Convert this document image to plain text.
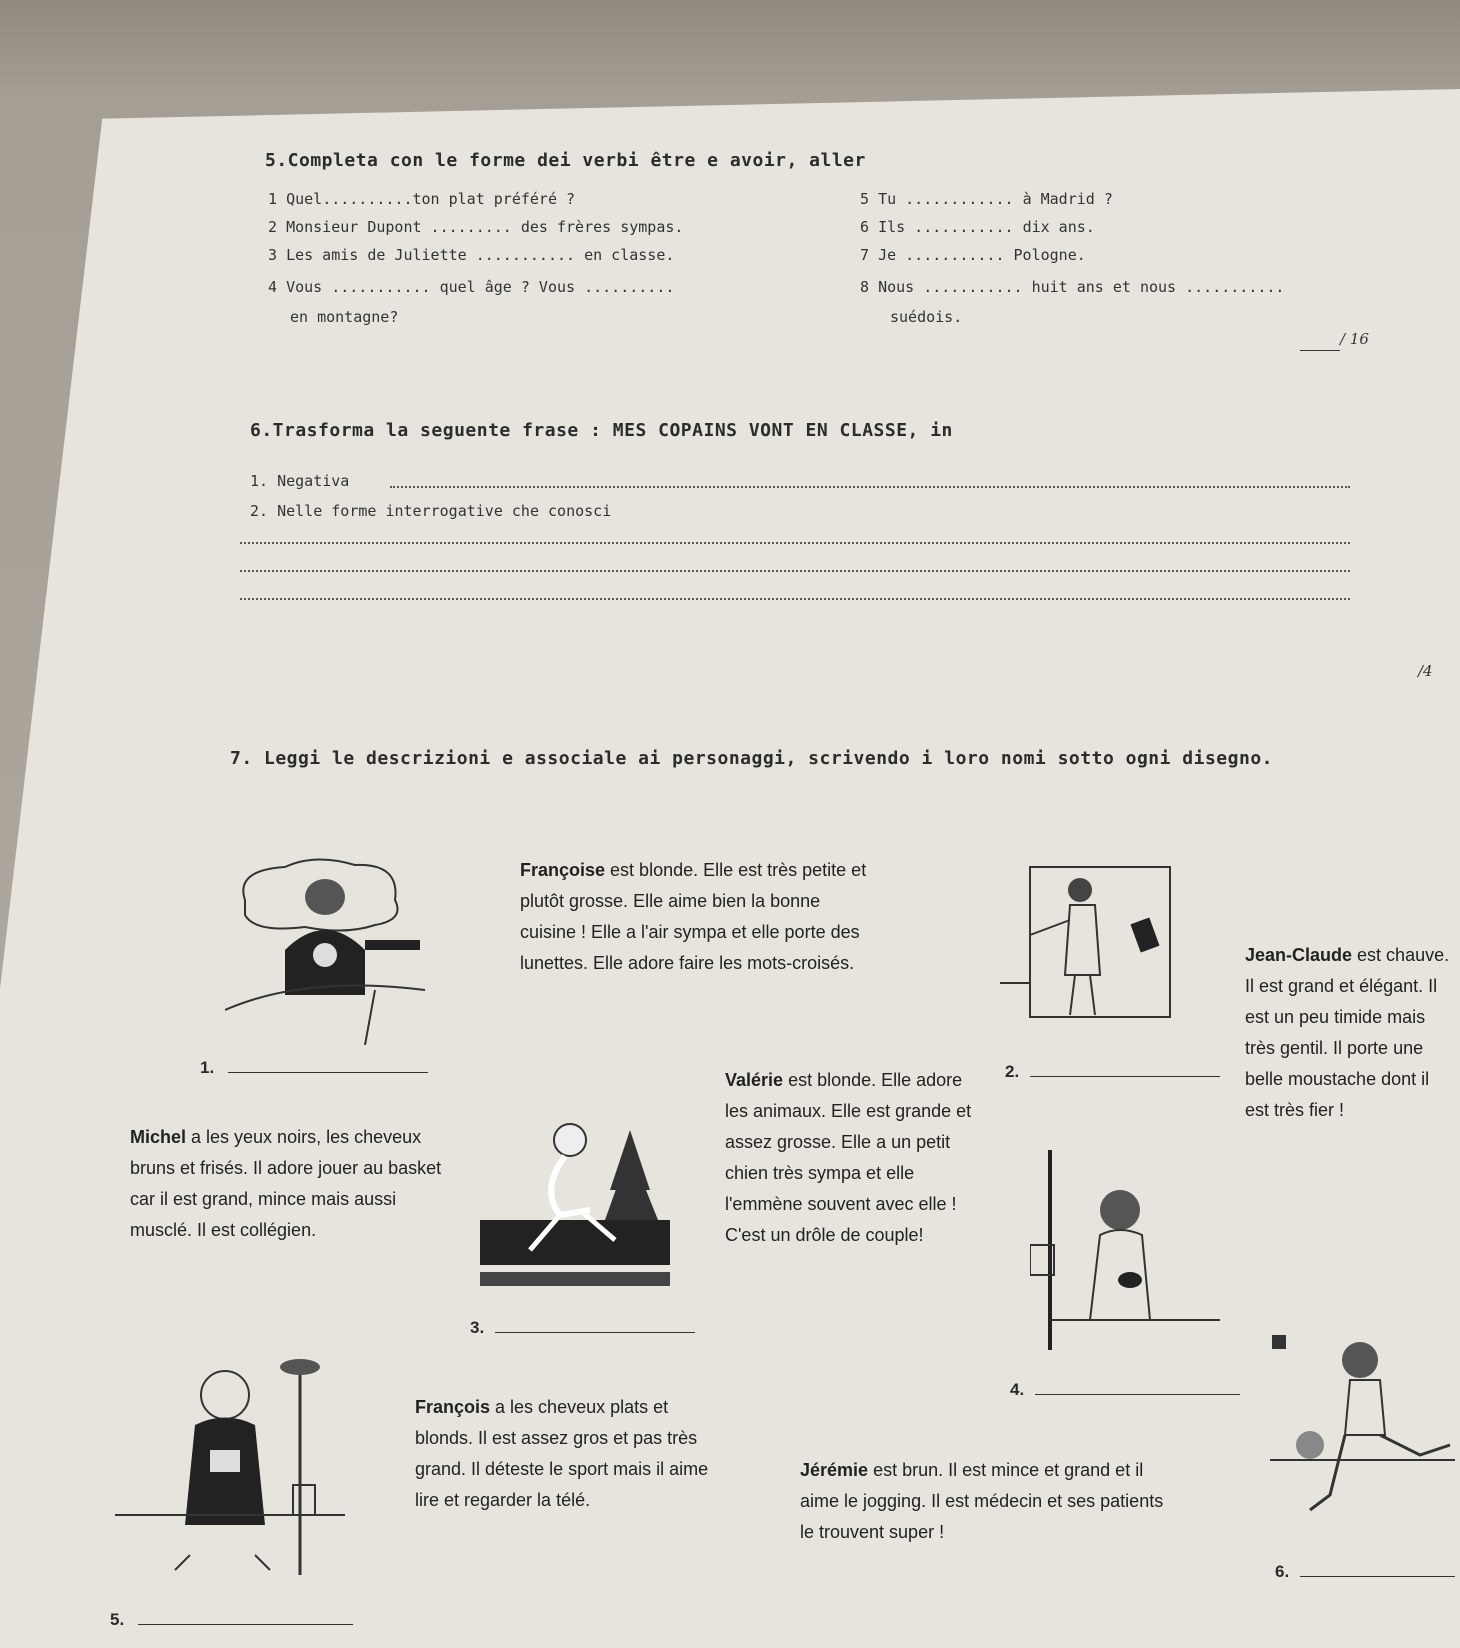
5.Completa con le forme dei verbi être e avoir, aller
1 Quel..........ton plat préféré ?
2 Monsieur Dupont ......... des frères sympas.
3 Les amis de Juliette ........... en classe.
4 Vous ........... quel âge ? Vous ..........
en montagne?
5 Tu ............ à Madrid ?
6 Ils ........... dix ans.
7 Je ........... Pologne.
8 Nous ........... huit ans et nous ...........
suédois.
/ 16
6.Trasforma la seguente frase : MES COPAINS VONT EN CLASSE, in
1. Negativa
2. Nelle forme interrogative che conosci
/4
7. Leggi le descrizioni e associale ai personaggi, scrivendo i loro nomi sotto ogni disegno.
Françoise est blonde. Elle est très petite et plutôt grosse. Elle aime bien la bonne cuisine ! Elle a l'air sympa et elle porte des lunettes. Elle adore faire les mots-croisés.	Jean-Claude est chauve. Il est grand et élégant. Il est un peu timide mais très gentil. Il porte une belle moustache dont il est très fier !
Valérie est blonde. Elle adore les animaux. Elle est grande et assez grosse. Elle a un petit chien très sympa et elle l'emmène souvent avec elle ! C'est un drôle de couple!
Michel a les yeux noirs, les cheveux bruns et frisés. Il adore jouer au basket car il est grand, mince mais aussi musclé. Il est collégien.
François a les cheveux plats et blonds. Il est assez gros et pas très grand. Il déteste le sport mais il aime lire et regarder la télé.
Jérémie est brun. Il est mince et grand et il aime le jogging. Il est médecin et ses patients le trouvent super !
1.	2.
3.
4.
5.
6.
